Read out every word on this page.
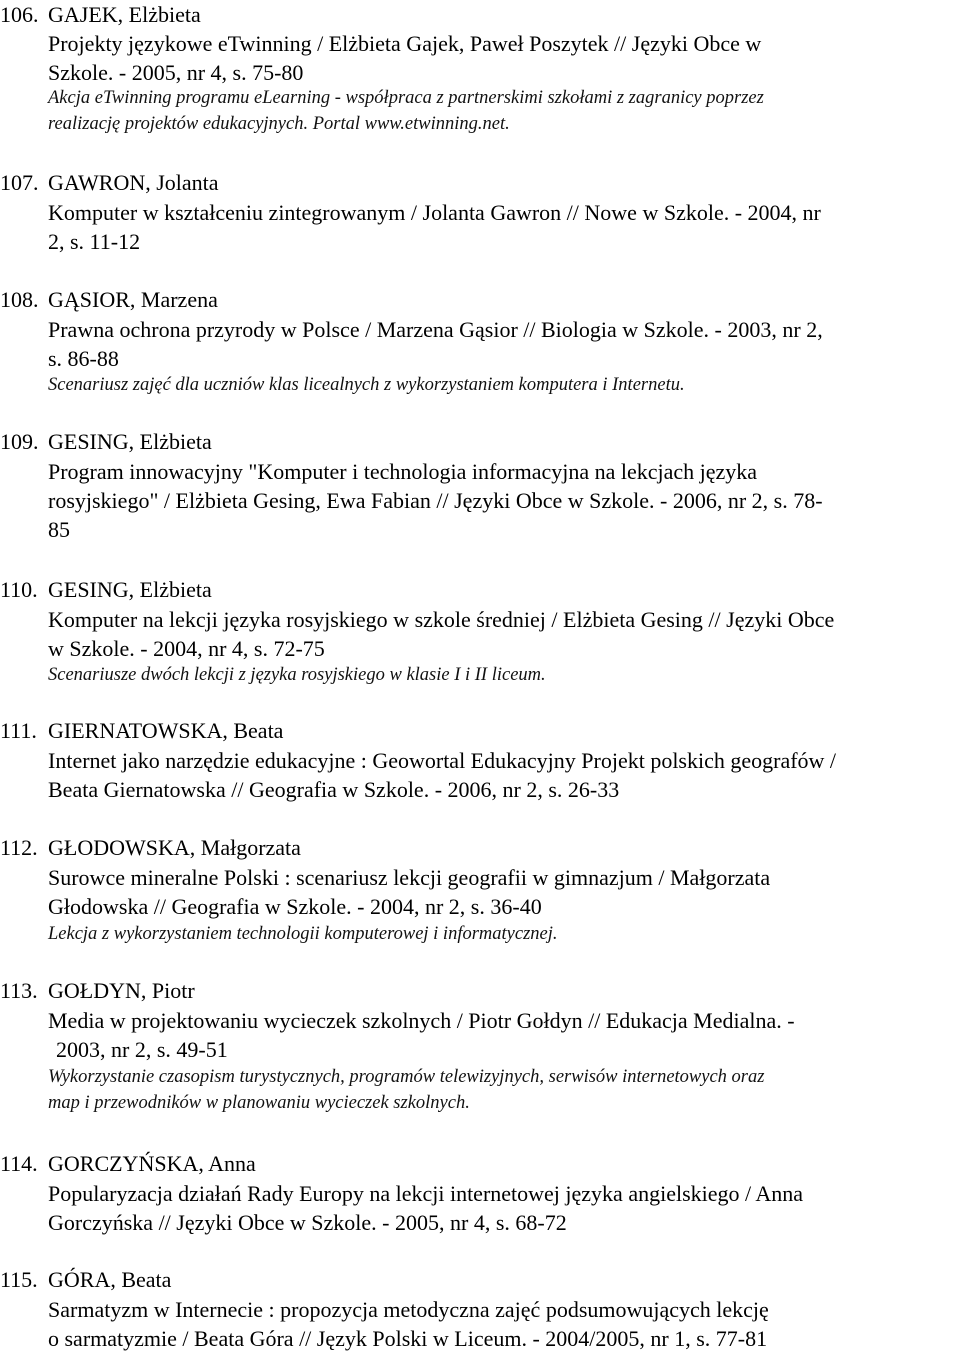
106. GAJEK, Elżbieta
Projekty językowe eTwinning / Elżbieta Gajek, Paweł Poszytek // Języki Obce w
Szkole. - 2005, nr 4, s. 75-80
Akcja eTwinning programu eLearning - współpraca z partnerskimi szkołami z zagranicy poprzez
realizację projektów edukacyjnych. Portal www.etwinning.net.
107. GAWRON, Jolanta
Komputer w kształceniu zintegrowanym / Jolanta Gawron // Nowe w Szkole. - 2004, nr
2, s. 11-12
108. GĄSIOR, Marzena
Prawna ochrona przyrody w Polsce / Marzena Gąsior // Biologia w Szkole. - 2003, nr 2,
s. 86-88
Scenariusz zajęć dla uczniów klas licealnych z wykorzystaniem komputera i Internetu.
109. GESING, Elżbieta
Program innowacyjny "Komputer i technologia informacyjna na lekcjach języka
rosyjskiego" / Elżbieta Gesing, Ewa Fabian // Języki Obce w Szkole. - 2006, nr 2, s. 78-
85
110. GESING, Elżbieta
Komputer na lekcji języka rosyjskiego w szkole średniej / Elżbieta Gesing // Języki Obce
w Szkole. - 2004, nr 4, s. 72-75
Scenariusze dwóch lekcji z języka rosyjskiego w klasie I i II liceum.
111. GIERNATOWSKA, Beata
Internet jako narzędzie edukacyjne : Geowortal Edukacyjny Projekt polskich geografów /
Beata Giernatowska // Geografia w Szkole. - 2006, nr 2, s. 26-33
112. GŁODOWSKA, Małgorzata
Surowce mineralne Polski : scenariusz lekcji geografii w gimnazjum / Małgorzata
Głodowska // Geografia w Szkole. - 2004, nr 2, s. 36-40
Lekcja z wykorzystaniem technologii komputerowej i informatycznej.
113. GOŁDYN, Piotr
Media w projektowaniu wycieczek szkolnych / Piotr Gołdyn // Edukacja Medialna. -
2003, nr 2, s. 49-51
Wykorzystanie czasopism turystycznych, programów telewizyjnych, serwisów internetowych oraz
map i przewodników w planowaniu wycieczek szkolnych.
114. GORCZYŃSKA, Anna
Popularyzacja działań Rady Europy na lekcji internetowej języka angielskiego / Anna
Gorczyńska // Języki Obce w Szkole. - 2005, nr 4, s. 68-72
115. GÓRA, Beata
Sarmatyzm w Internecie : propozycja metodyczna zajęć podsumowujących lekcję
o sarmatyzmie / Beata Góra // Język Polski w Liceum. - 2004/2005, nr 1, s. 77-81
